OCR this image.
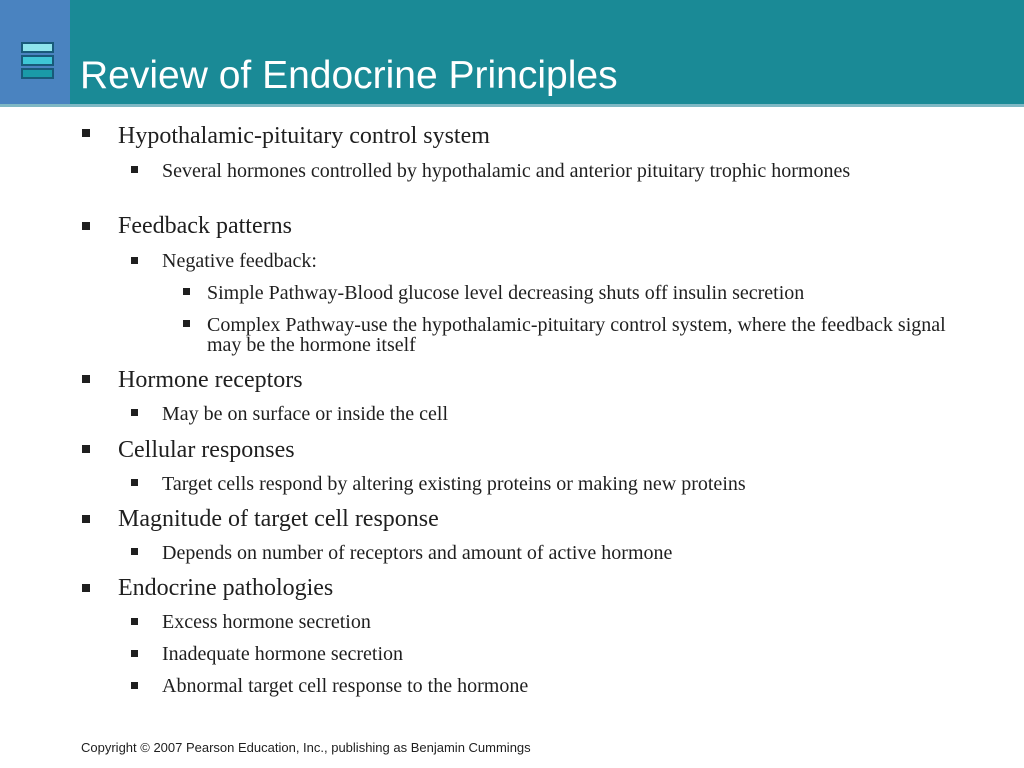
Review of Endocrine Principles

Hypothalamic-pituitary control system

Several hormones controlled by hypothalamic and anterior pituitary trophic hormones

Feedback patterns

Negative feedback:

Simple Pathway-Blood glucose level decreasing shuts off insulin secretion

Complex Pathway-use the hypothalamic-pituitary control system, where the feedback signal may be the hormone itself

Hormone receptors

May be on surface or inside the cell

Cellular responses

Target cells respond by altering existing proteins or making new proteins

Magnitude of target cell response

Depends on number of receptors and amount of active hormone

Endocrine pathologies

Excess hormone secretion

Inadequate hormone secretion

Abnormal target cell response to the hormone

Copyright © 2007 Pearson Education, Inc., publishing as Benjamin Cummings
